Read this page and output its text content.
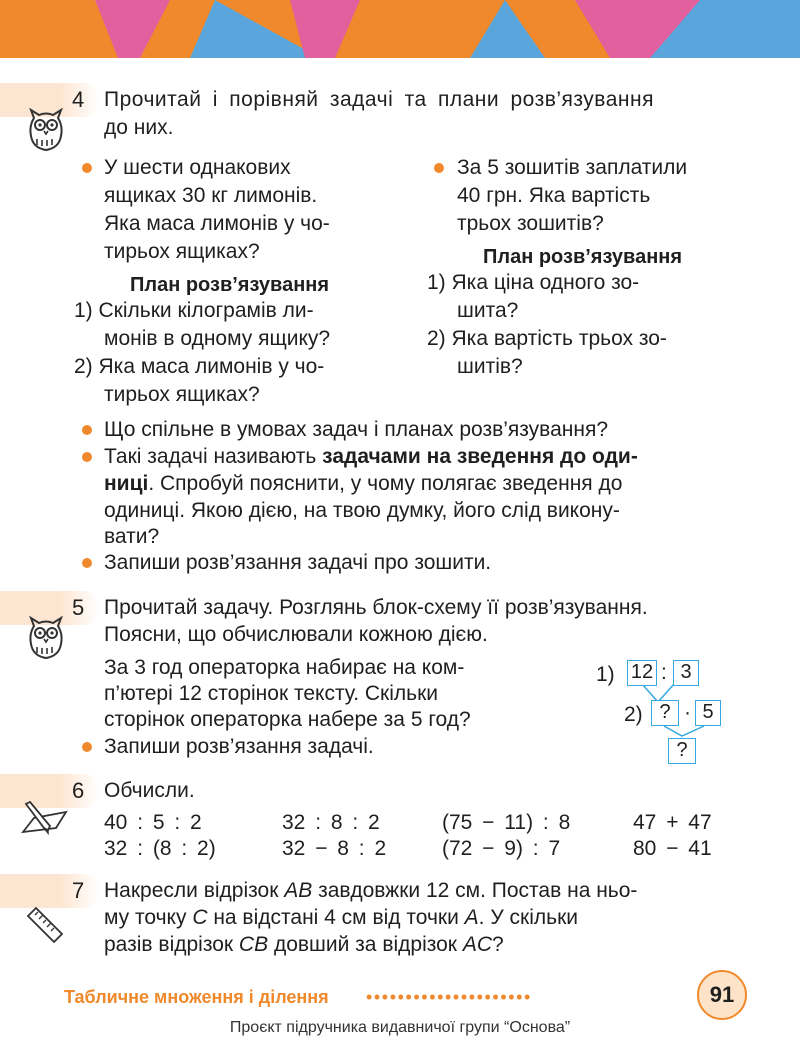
4 Прочитай і порівняй задачі та плани розв’язування
до них.
У шести однакових
ящиках 30 кг лимонів.
Яка маса лимонів у чо-
тирьох ящиках?
План розв’язування
1) Скільки кілограмів ли-
монів в одному ящику?
2) Яка маса лимонів у чо-
тирьох ящиках?
За 5 зошитів заплатили
40 грн. Яка вартість
трьох зошитів?
План розв’язування
1) Яка ціна одного зо-
шита?
2) Яка вартість трьох зо-
шитів?
Що спільне в умовах задач і планах розв’язування?
Такі задачі називають задачами на зведення до оди-
ниці. Спробуй пояснити, у чому полягає зведення до
одиниці. Якою дією, на твою думку, його слід викону-
вати?
Запиши розв’язання задачі про зошити.
5 Прочитай задачу. Розглянь блок-схему її розв’язування.
Поясни, що обчислювали кожною дією.
За 3 год операторка набирає на ком-
п’ютері 12 сторінок тексту. Скільки
сторінок операторка набере за 5 год?
Запиши розв’язання задачі.
1) 12 : 3
2) ? · 5
?
6 Обчисли.
40 : 5 : 2	32 : 8 : 2	(75 − 11) : 8	47 + 47
32 : (8 : 2)	32 − 8 : 2	(72 − 9) : 7	80 − 41
7 Накресли відрізок AB завдовжки 12 см. Постав на ньо-
му точку C на відстані 4 см від точки A. У скільки
разів відрізок CB довший за відрізок AC?
Табличне множення і ділення •••••••••••••••••••••	91
Проєкт підручника видавничої групи “Основа”
